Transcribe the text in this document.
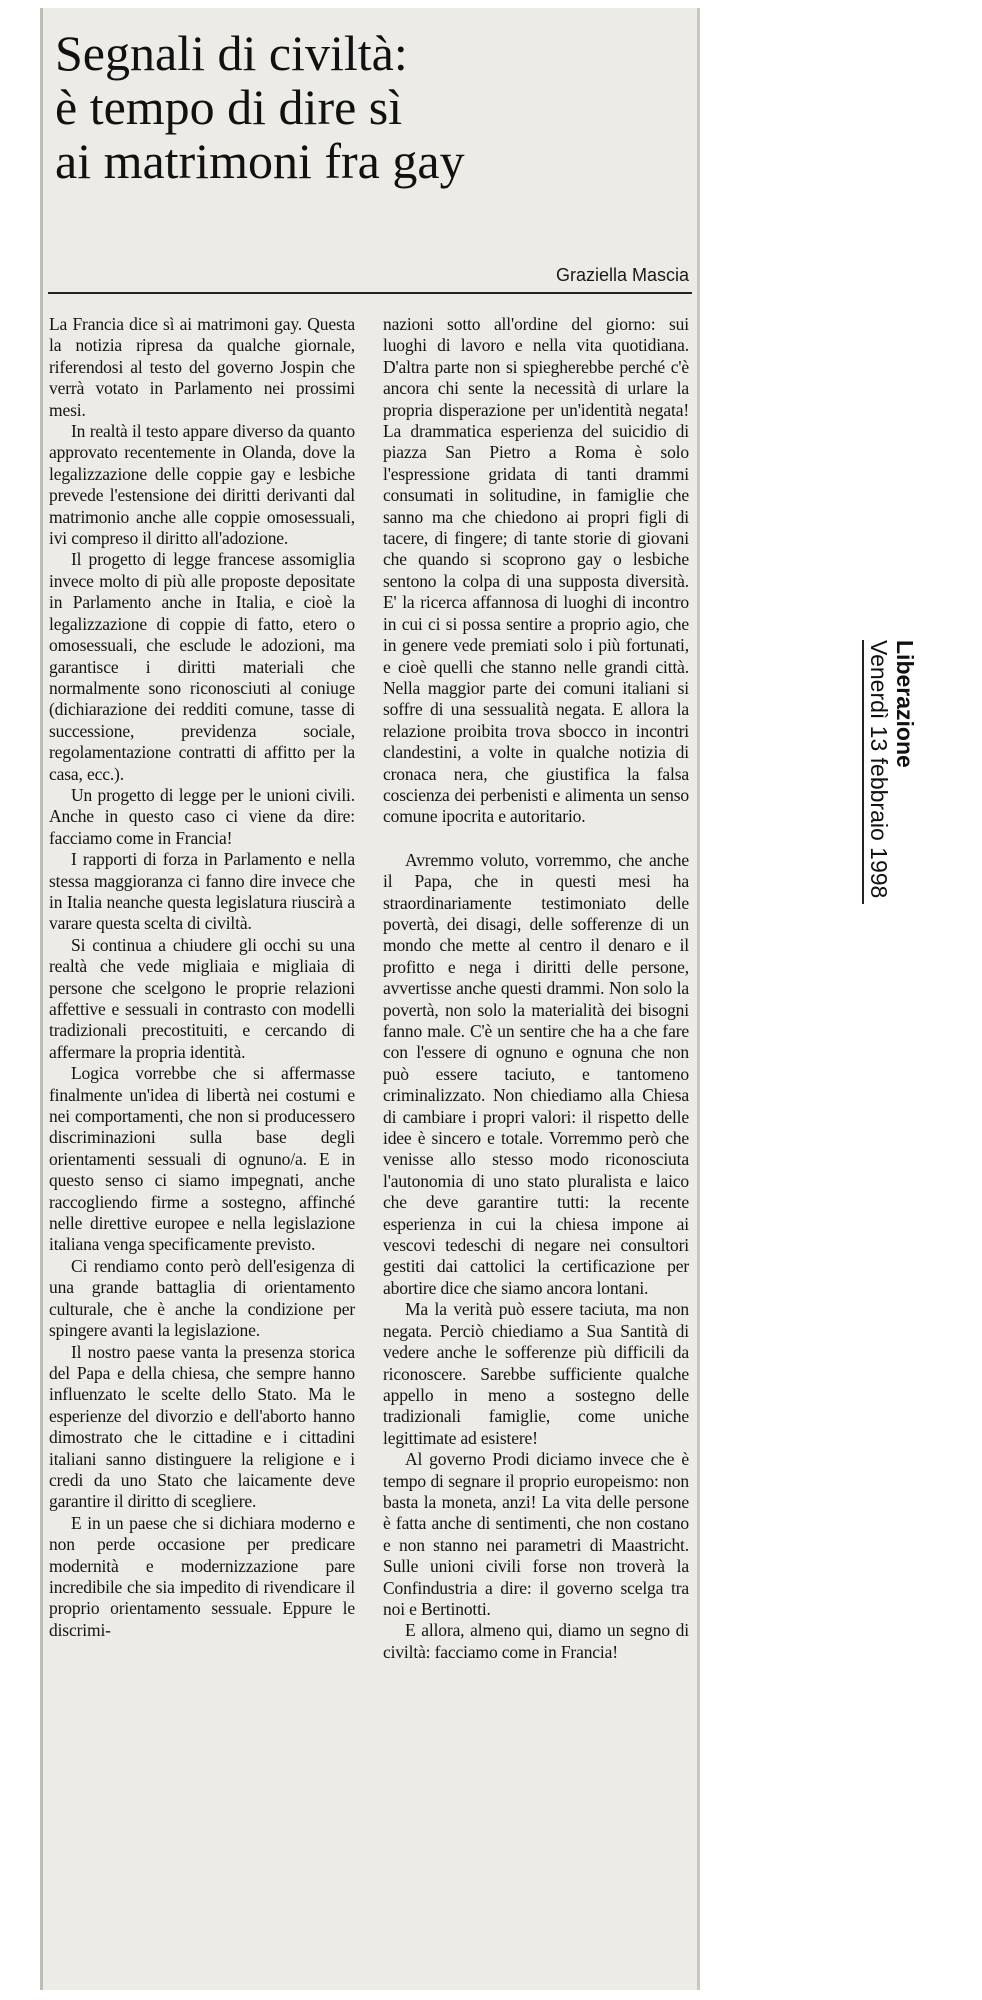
Segnali di civiltà:
è tempo di dire sì
ai matrimoni fra gay
Graziella Mascia

La Francia dice sì ai matrimoni gay. Questa la notizia ripresa da qualche giornale, riferendosi al testo del governo Jospin che verrà votato in Parlamento nei prossimi mesi.

In realtà il testo appare diverso da quanto approvato recentemente in Olanda, dove la legalizzazione delle coppie gay e lesbiche prevede l'estensione dei diritti derivanti dal matrimonio anche alle coppie omosessuali, ivi compreso il diritto all'adozione.

Il progetto di legge francese assomiglia invece molto di più alle proposte depositate in Parlamento anche in Italia, e cioè la legalizzazione di coppie di fatto, etero o omosessuali, che esclude le adozioni, ma garantisce i diritti materiali che normalmente sono riconosciuti al coniuge (dichiarazione dei redditi comune, tasse di successione, previdenza sociale, regolamentazione contratti di affitto per la casa, ecc.).

Un progetto di legge per le unioni civili. Anche in questo caso ci viene da dire: facciamo come in Francia!

I rapporti di forza in Parlamento e nella stessa maggioranza ci fanno dire invece che in Italia neanche questa legislatura riuscirà a varare questa scelta di civiltà.

Si continua a chiudere gli occhi su una realtà che vede migliaia e migliaia di persone che scelgono le proprie relazioni affettive e sessuali in contrasto con modelli tradizionali precostituiti, e cercando di affermare la propria identità.

Logica vorrebbe che si affermasse finalmente un'idea di libertà nei costumi e nei comportamenti, che non si producessero discriminazioni sulla base degli orientamenti sessuali di ognuno/a. E in questo senso ci siamo impegnati, anche raccogliendo firme a sostegno, affinché nelle direttive europee e nella legislazione italiana venga specificamente previsto.

Ci rendiamo conto però dell'esigenza di una grande battaglia di orientamento culturale, che è anche la condizione per spingere avanti la legislazione.

Il nostro paese vanta la presenza storica del Papa e della chiesa, che sempre hanno influenzato le scelte dello Stato. Ma le esperienze del divorzio e dell'aborto hanno dimostrato che le cittadine e i cittadini italiani sanno distinguere la religione e i credi da uno Stato che laicamente deve garantire il diritto di scegliere.

E in un paese che si dichiara moderno e non perde occasione per predicare modernità e modernizzazione pare incredibile che sia impedito di rivendicare il proprio orientamento sessuale. Eppure le discrimi-

nazioni sotto all'ordine del giorno: sui luoghi di lavoro e nella vita quotidiana. D'altra parte non si spiegherebbe perché c'è ancora chi sente la necessità di urlare la propria disperazione per un'identità negata! La drammatica esperienza del suicidio di piazza San Pietro a Roma è solo l'espressione gridata di tanti drammi consumati in solitudine, in famiglie che sanno ma che chiedono ai propri figli di tacere, di fingere; di tante storie di giovani che quando si scoprono gay o lesbiche sentono la colpa di una supposta diversità. E' la ricerca affannosa di luoghi di incontro in cui ci si possa sentire a proprio agio, che in genere vede premiati solo i più fortunati, e cioè quelli che stanno nelle grandi città. Nella maggior parte dei comuni italiani si soffre di una sessualità negata. E allora la relazione proibita trova sbocco in incontri clandestini, a volte in qualche notizia di cronaca nera, che giustifica la falsa coscienza dei perbenisti e alimenta un senso comune ipocrita e autoritario.

Avremmo voluto, vorremmo, che anche il Papa, che in questi mesi ha straordinariamente testimoniato delle povertà, dei disagi, delle sofferenze di un mondo che mette al centro il denaro e il profitto e nega i diritti delle persone, avvertisse anche questi drammi. Non solo la povertà, non solo la materialità dei bisogni fanno male. C'è un sentire che ha a che fare con l'essere di ognuno e ognuna che non può essere taciuto, e tantomeno criminalizzato. Non chiediamo alla Chiesa di cambiare i propri valori: il rispetto delle idee è sincero e totale. Vorremmo però che venisse allo stesso modo riconosciuta l'autonomia di uno stato pluralista e laico che deve garantire tutti: la recente esperienza in cui la chiesa impone ai vescovi tedeschi di negare nei consultori gestiti dai cattolici la certificazione per abortire dice che siamo ancora lontani.

Ma la verità può essere taciuta, ma non negata. Perciò chiediamo a Sua Santità di vedere anche le sofferenze più difficili da riconoscere. Sarebbe sufficiente qualche appello in meno a sostegno delle tradizionali famiglie, come uniche legittimate ad esistere!

Al governo Prodi diciamo invece che è tempo di segnare il proprio europeismo: non basta la moneta, anzi! La vita delle persone è fatta anche di sentimenti, che non costano e non stanno nei parametri di Maastricht. Sulle unioni civili forse non troverà la Confindustria a dire: il governo scelga tra noi e Bertinotti.

E allora, almeno qui, diamo un segno di civiltà: facciamo come in Francia!

Liberazione
Venerdì 13 febbraio 1998
